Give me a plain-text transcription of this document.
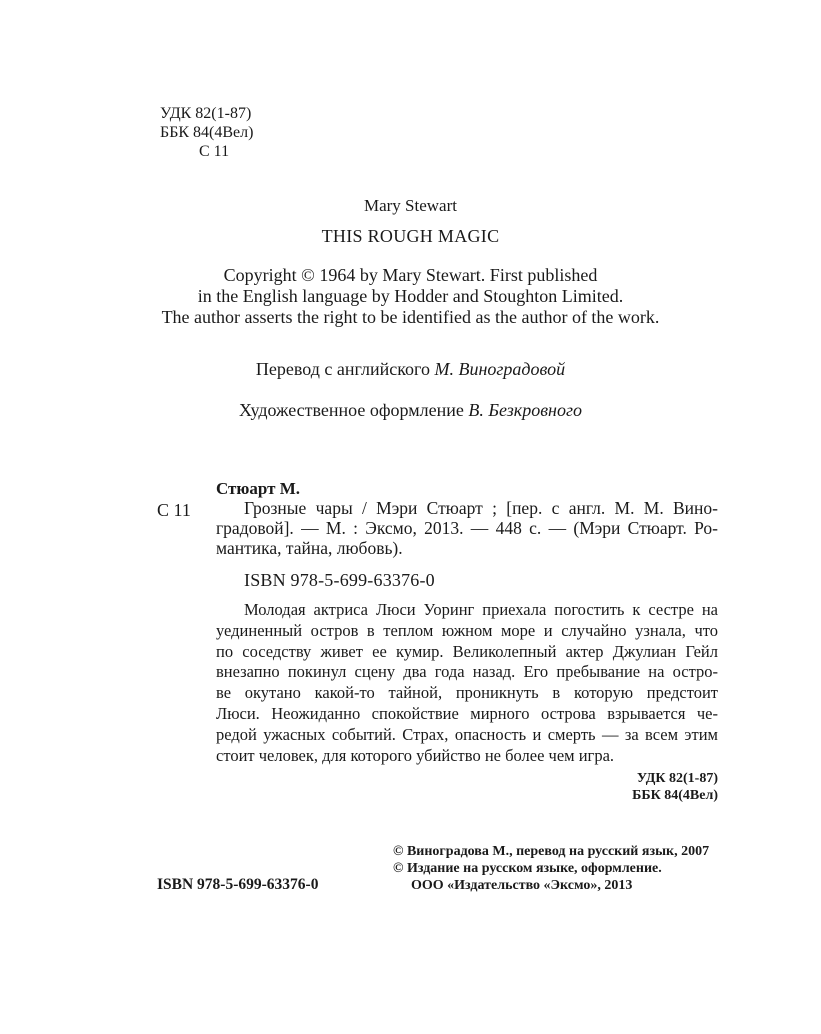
УДК 82(1-87)
ББК 84(4Вел)
С 11
Mary Stewart
THIS ROUGH MAGIC
Copyright © 1964 by Mary Stewart. First published
in the English language by Hodder and Stoughton Limited.
The author asserts the right to be identified as the author of the work.
Перевод с английского М. Виноградовой
Художественное оформление В. Безкровного
Стюарт М.
С 11	Грозные чары / Мэри Стюарт ; [пер. с англ. М. М. Вино-
градовой]. — М. : Эксмо, 2013. — 448 с. — (Мэри Стюарт. Ро-
мантика, тайна, любовь).
ISBN 978-5-699-63376-0
Молодая актриса Люси Уоринг приехала погостить к сестре на
уединенный остров в теплом южном море и случайно узнала, что
по соседству живет ее кумир. Великолепный актер Джулиан Гейл
внезапно покинул сцену два года назад. Его пребывание на остро-
ве окутано какой-то тайной, проникнуть в которую предстоит
Люси. Неожиданно спокойствие мирного острова взрывается че-
редой ужасных событий. Страх, опасность и смерть — за всем этим
стоит человек, для которого убийство не более чем игра.
УДК 82(1-87)
ББК 84(4Вел)
© Виноградова М., перевод на русский язык, 2007
© Издание на русском языке, оформление.
ООО «Издательство «Эксмо», 2013
ISBN 978-5-699-63376-0
